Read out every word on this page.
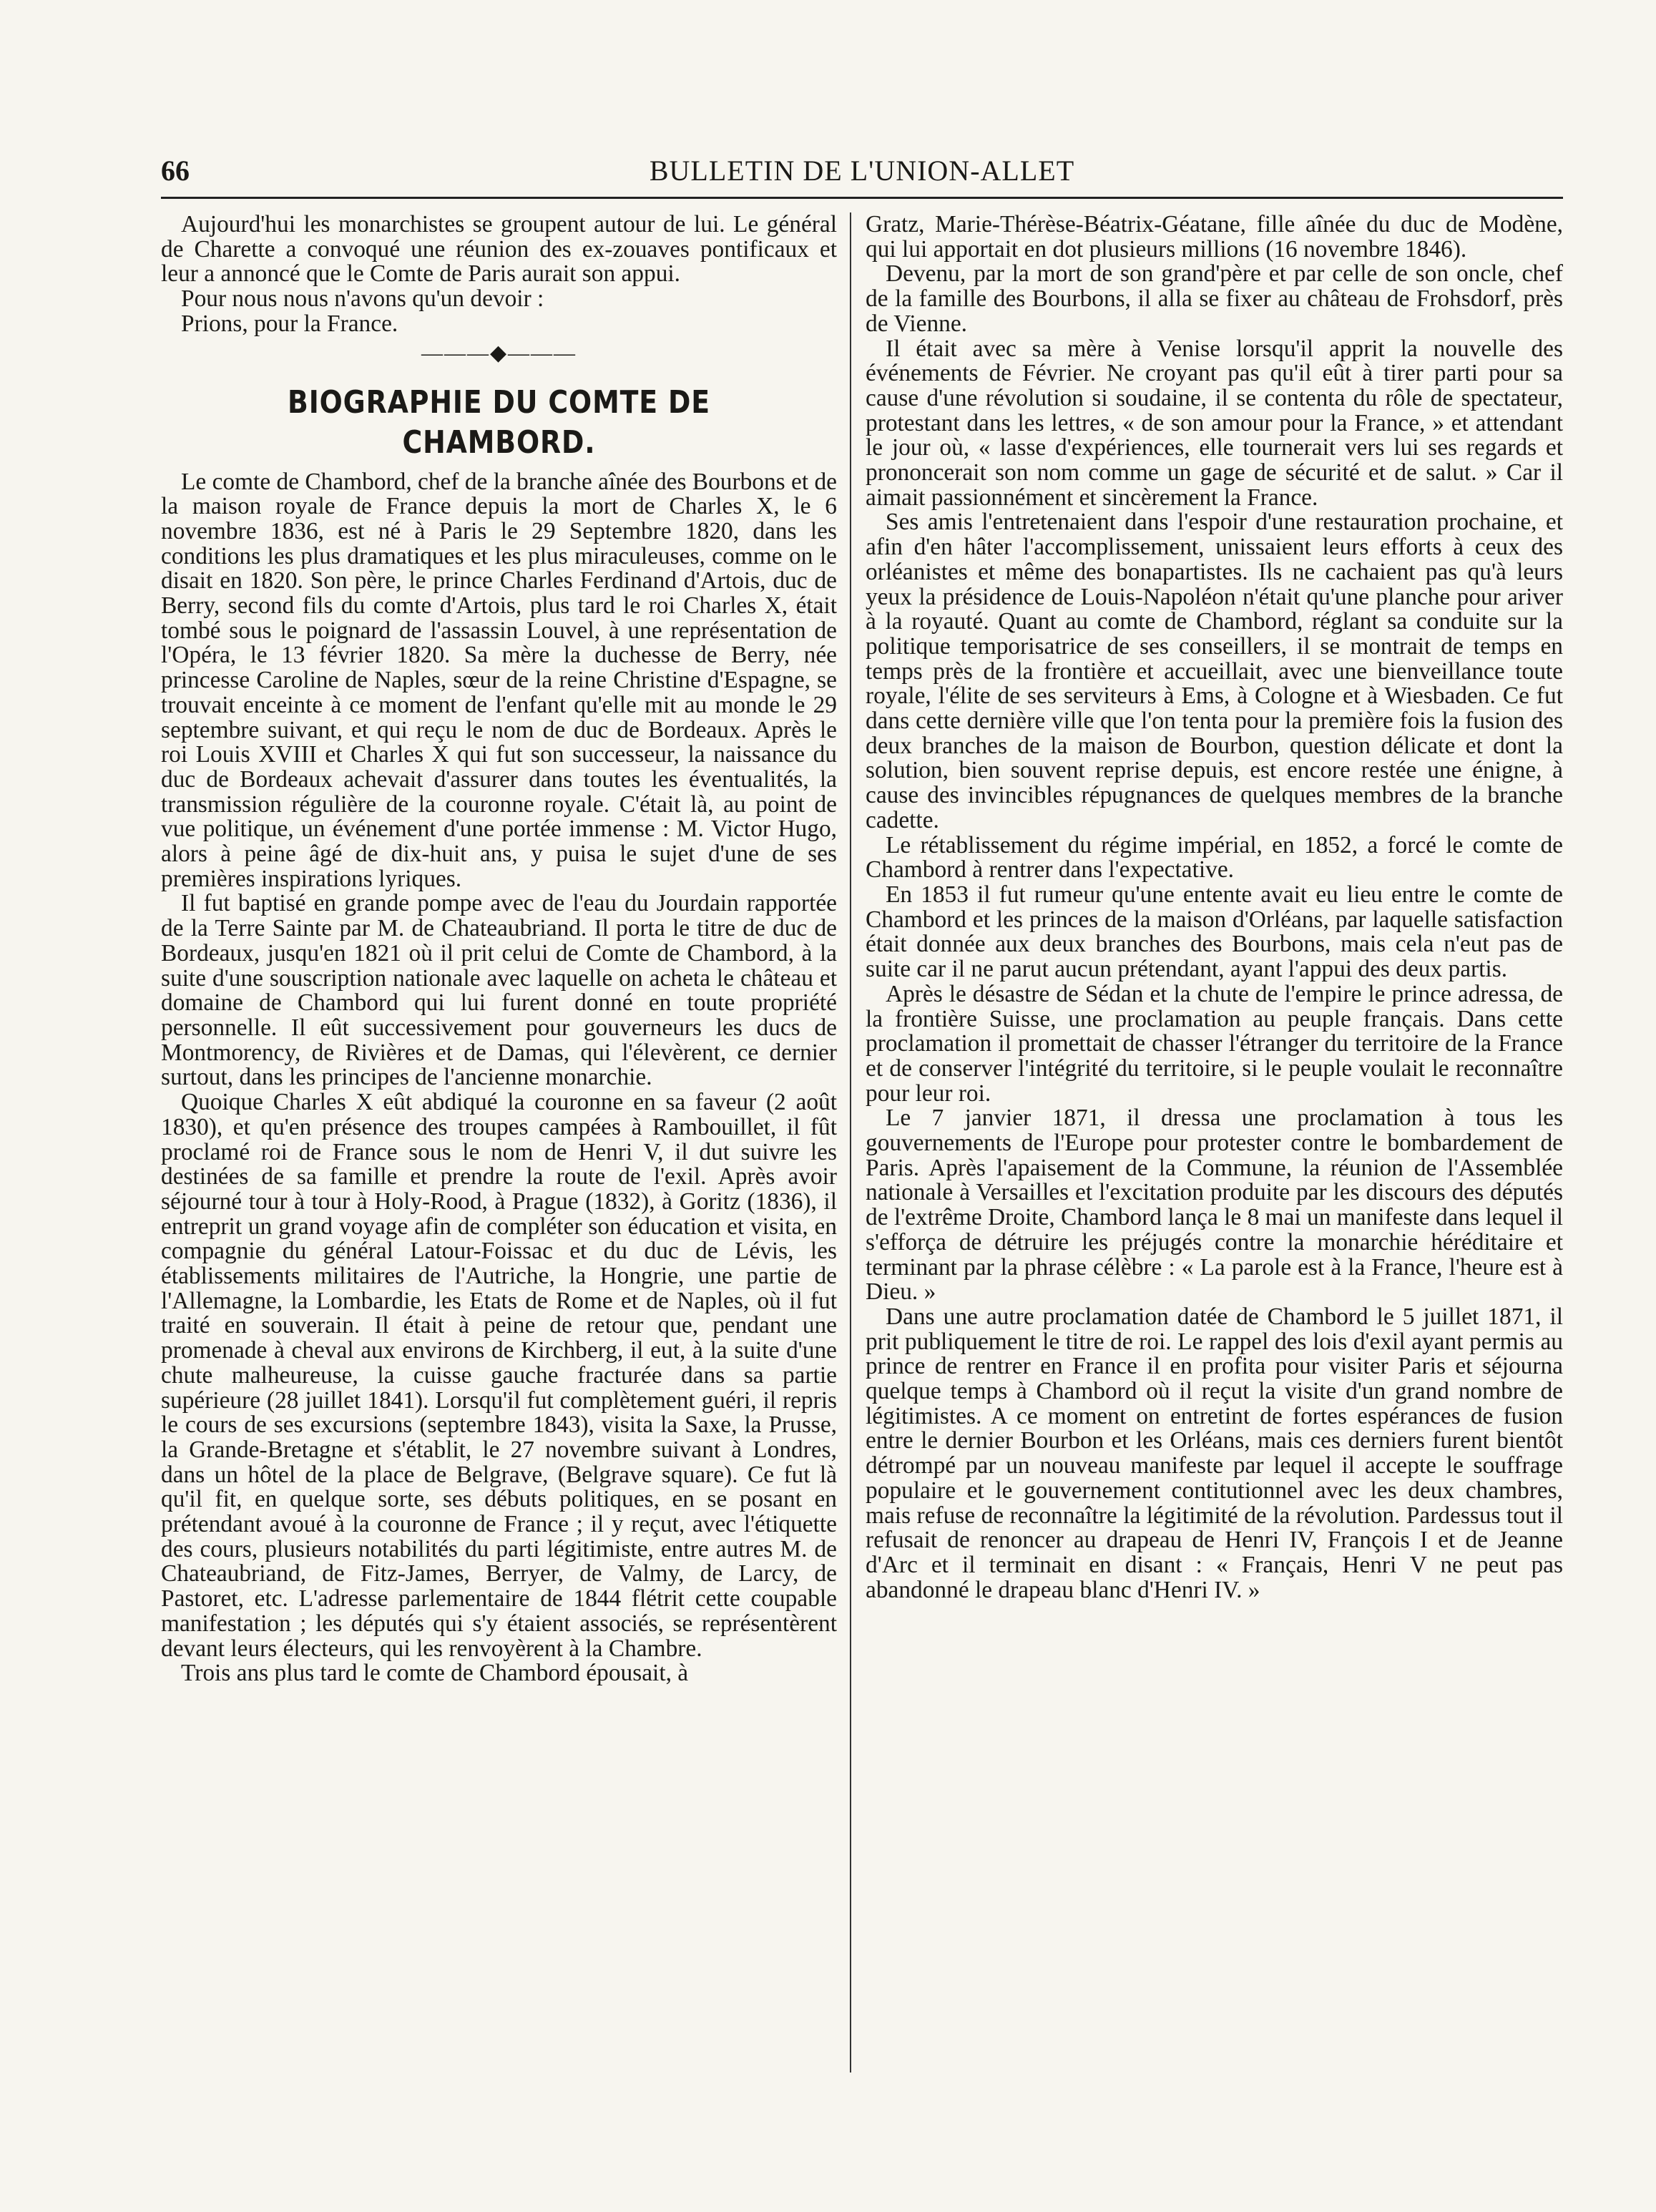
66	BULLETIN DE L'UNION-ALLET

Aujourd'hui les monarchistes se groupent autour de lui. Le général de Charette a convoqué une réunion des ex-zouaves pontificaux et leur a annoncé que le Comte de Paris aurait son appui.

Pour nous nous n'avons qu'un devoir :

Prions, pour la France.

———◆———
BIOGRAPHIE DU COMTE DE CHAMBORD.

Le comte de Chambord, chef de la branche aînée des Bourbons et de la maison royale de France depuis la mort de Charles X, le 6 novembre 1836, est né à Paris le 29 Septembre 1820, dans les conditions les plus dramatiques et les plus miraculeuses, comme on le disait en 1820. Son père, le prince Charles Ferdinand d'Artois, duc de Berry, second fils du comte d'Artois, plus tard le roi Charles X, était tombé sous le poignard de l'assassin Louvel, à une représentation de l'Opéra, le 13 février 1820. Sa mère la duchesse de Berry, née princesse Caroline de Naples, sœur de la reine Christine d'Espagne, se trouvait enceinte à ce moment de l'enfant qu'elle mit au monde le 29 septembre suivant, et qui reçu le nom de duc de Bordeaux. Après le roi Louis XVIII et Charles X qui fut son successeur, la naissance du duc de Bordeaux achevait d'assurer dans toutes les éventualités, la transmission régulière de la couronne royale. C'était là, au point de vue politique, un événement d'une portée immense : M. Victor Hugo, alors à peine âgé de dix-huit ans, y puisa le sujet d'une de ses premières inspirations lyriques.

Il fut baptisé en grande pompe avec de l'eau du Jourdain rapportée de la Terre Sainte par M. de Chateaubriand. Il porta le titre de duc de Bordeaux, jusqu'en 1821 où il prit celui de Comte de Chambord, à la suite d'une souscription nationale avec laquelle on acheta le château et domaine de Chambord qui lui furent donné en toute propriété personnelle. Il eût successivement pour gouverneurs les ducs de Montmorency, de Rivières et de Damas, qui l'élevèrent, ce dernier surtout, dans les principes de l'ancienne monarchie.

Quoique Charles X eût abdiqué la couronne en sa faveur (2 août 1830), et qu'en présence des troupes campées à Rambouillet, il fût proclamé roi de France sous le nom de Henri V, il dut suivre les destinées de sa famille et prendre la route de l'exil. Après avoir séjourné tour à tour à Holy-Rood, à Prague (1832), à Goritz (1836), il entreprit un grand voyage afin de compléter son éducation et visita, en compagnie du général Latour-Foissac et du duc de Lévis, les établissements militaires de l'Autriche, la Hongrie, une partie de l'Allemagne, la Lombardie, les Etats de Rome et de Naples, où il fut traité en souverain. Il était à peine de retour que, pendant une promenade à cheval aux environs de Kirchberg, il eut, à la suite d'une chute malheureuse, la cuisse gauche fracturée dans sa partie supérieure (28 juillet 1841). Lorsqu'il fut complètement guéri, il repris le cours de ses excursions (septembre 1843), visita la Saxe, la Prusse, la Grande-Bretagne et s'établit, le 27 novembre suivant à Londres, dans un hôtel de la place de Belgrave, (Belgrave square). Ce fut là qu'il fit, en quelque sorte, ses débuts politiques, en se posant en prétendant avoué à la couronne de France ; il y reçut, avec l'étiquette des cours, plusieurs notabilités du parti légitimiste, entre autres M. de Chateaubriand, de Fitz-James, Berryer, de Valmy, de Larcy, de Pastoret, etc. L'adresse parlementaire de 1844 flétrit cette coupable manifestation ; les députés qui s'y étaient associés, se représentèrent devant leurs électeurs, qui les renvoyèrent à la Chambre.

Trois ans plus tard le comte de Chambord épousait, à

Gratz, Marie-Thérèse-Béatrix-Géatane, fille aînée du duc de Modène, qui lui apportait en dot plusieurs millions (16 novembre 1846).

Devenu, par la mort de son grand'père et par celle de son oncle, chef de la famille des Bourbons, il alla se fixer au château de Frohsdorf, près de Vienne.

Il était avec sa mère à Venise lorsqu'il apprit la nouvelle des événements de Février. Ne croyant pas qu'il eût à tirer parti pour sa cause d'une révolution si soudaine, il se contenta du rôle de spectateur, protestant dans les lettres, « de son amour pour la France, » et attendant le jour où, « lasse d'expériences, elle tournerait vers lui ses regards et prononcerait son nom comme un gage de sécurité et de salut. » Car il aimait passionnément et sincèrement la France.

Ses amis l'entretenaient dans l'espoir d'une restauration prochaine, et afin d'en hâter l'accomplissement, unissaient leurs efforts à ceux des orléanistes et même des bonapartistes. Ils ne cachaient pas qu'à leurs yeux la présidence de Louis-Napoléon n'était qu'une planche pour ariver à la royauté. Quant au comte de Chambord, réglant sa conduite sur la politique temporisatrice de ses conseillers, il se montrait de temps en temps près de la frontière et accueillait, avec une bienveillance toute royale, l'élite de ses serviteurs à Ems, à Cologne et à Wiesbaden. Ce fut dans cette dernière ville que l'on tenta pour la première fois la fusion des deux branches de la maison de Bourbon, question délicate et dont la solution, bien souvent reprise depuis, est encore restée une énigne, à cause des invincibles répugnances de quelques membres de la branche cadette.

Le rétablissement du régime impérial, en 1852, a forcé le comte de Chambord à rentrer dans l'expectative.

En 1853 il fut rumeur qu'une entente avait eu lieu entre le comte de Chambord et les princes de la maison d'Orléans, par laquelle satisfaction était donnée aux deux branches des Bourbons, mais cela n'eut pas de suite car il ne parut aucun prétendant, ayant l'appui des deux partis.

Après le désastre de Sédan et la chute de l'empire le prince adressa, de la frontière Suisse, une proclamation au peuple français. Dans cette proclamation il promettait de chasser l'étranger du territoire de la France et de conserver l'intégrité du territoire, si le peuple voulait le reconnaître pour leur roi.

Le 7 janvier 1871, il dressa une proclamation à tous les gouvernements de l'Europe pour protester contre le bombardement de Paris. Après l'apaisement de la Commune, la réunion de l'Assemblée nationale à Versailles et l'excitation produite par les discours des députés de l'extrême Droite, Chambord lança le 8 mai un manifeste dans lequel il s'efforça de détruire les préjugés contre la monarchie héréditaire et terminant par la phrase célèbre : « La parole est à la France, l'heure est à Dieu. »

Dans une autre proclamation datée de Chambord le 5 juillet 1871, il prit publiquement le titre de roi. Le rappel des lois d'exil ayant permis au prince de rentrer en France il en profita pour visiter Paris et séjourna quelque temps à Chambord où il reçut la visite d'un grand nombre de légitimistes. A ce moment on entretint de fortes espérances de fusion entre le dernier Bourbon et les Orléans, mais ces derniers furent bientôt détrompé par un nouveau manifeste par lequel il accepte le souffrage populaire et le gouvernement contitutionnel avec les deux chambres, mais refuse de reconnaître la légitimité de la révolution. Pardessus tout il refusait de renoncer au drapeau de Henri IV, François I et de Jeanne d'Arc et il terminait en disant : « Français, Henri V ne peut pas abandonné le drapeau blanc d'Henri IV. »
